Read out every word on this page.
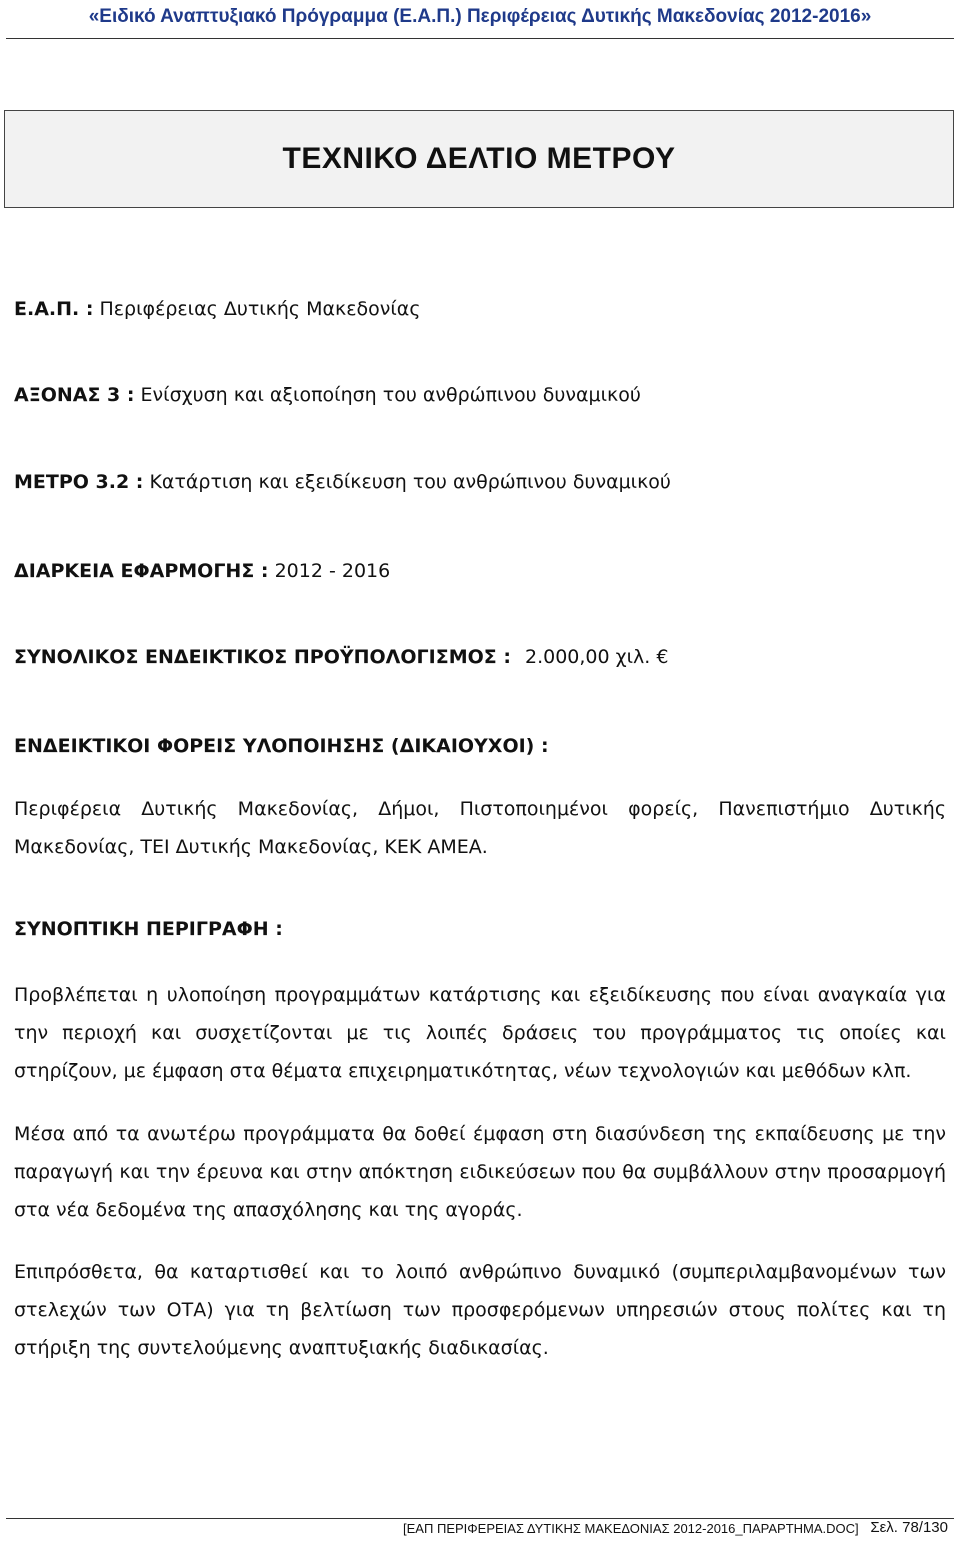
«Ειδικό Αναπτυξιακό Πρόγραμμα (Ε.Α.Π.) Περιφέρειας Δυτικής Μακεδονίας 2012-2016»
ΤΕΧΝΙΚΟ ΔΕΛΤΙΟ ΜΕΤΡΟΥ
Ε.Α.Π. : Περιφέρειας Δυτικής Μακεδονίας
ΑΞΟΝΑΣ 3 : Ενίσχυση και αξιοποίηση του ανθρώπινου δυναμικού
ΜΕΤΡΟ 3.2 : Κατάρτιση και εξειδίκευση του ανθρώπινου δυναμικού
ΔΙΑΡΚΕΙΑ ΕΦΑΡΜΟΓΗΣ : 2012 - 2016
ΣΥΝΟΛΙΚΟΣ ΕΝΔΕΙΚΤΙΚΟΣ ΠΡΟΫΠΟΛΟΓΙΣΜΟΣ : 2.000,00 χιλ. €
ΕΝΔΕΙΚΤΙΚΟΙ ΦΟΡΕΙΣ ΥΛΟΠΟΙΗΣΗΣ (ΔΙΚΑΙΟΥΧΟΙ) :

Περιφέρεια Δυτικής Μακεδονίας, Δήμοι, Πιστοποιημένοι φορείς, Πανεπιστήμιο Δυτικής Μακεδονίας, ΤΕΙ Δυτικής Μακεδονίας, ΚΕΚ ΑΜΕΑ.

ΣΥΝΟΠΤΙΚΗ ΠΕΡΙΓΡΑΦΗ :

Προβλέπεται η υλοποίηση προγραμμάτων κατάρτισης και εξειδίκευσης που είναι αναγκαία για την περιοχή και συσχετίζονται με τις λοιπές δράσεις του προγράμματος τις οποίες και στηρίζουν, με έμφαση στα θέματα επιχειρηματικότητας, νέων τεχνολογιών και μεθόδων κλπ.

Μέσα από τα ανωτέρω προγράμματα θα δοθεί έμφαση στη διασύνδεση της εκπαίδευσης με την παραγωγή και την έρευνα και στην απόκτηση ειδικεύσεων που θα συμβάλλουν στην προσαρμογή στα νέα δεδομένα της απασχόλησης και της αγοράς.

Επιπρόσθετα, θα καταρτισθεί και το λοιπό ανθρώπινο δυναμικό (συμπεριλαμβανομένων των στελεχών των ΟΤΑ) για τη βελτίωση των προσφερόμενων υπηρεσιών στους πολίτες και τη στήριξη της συντελούμενης αναπτυξιακής διαδικασίας.

[ΕΑΠ ΠΕΡΙΦΕΡΕΙΑΣ ΔΥΤΙΚΗΣ ΜΑΚΕΔΟΝΙΑΣ 2012-2016_ΠΑΡΑΡΤΗΜΑ.DOC] Σελ. 78/130
